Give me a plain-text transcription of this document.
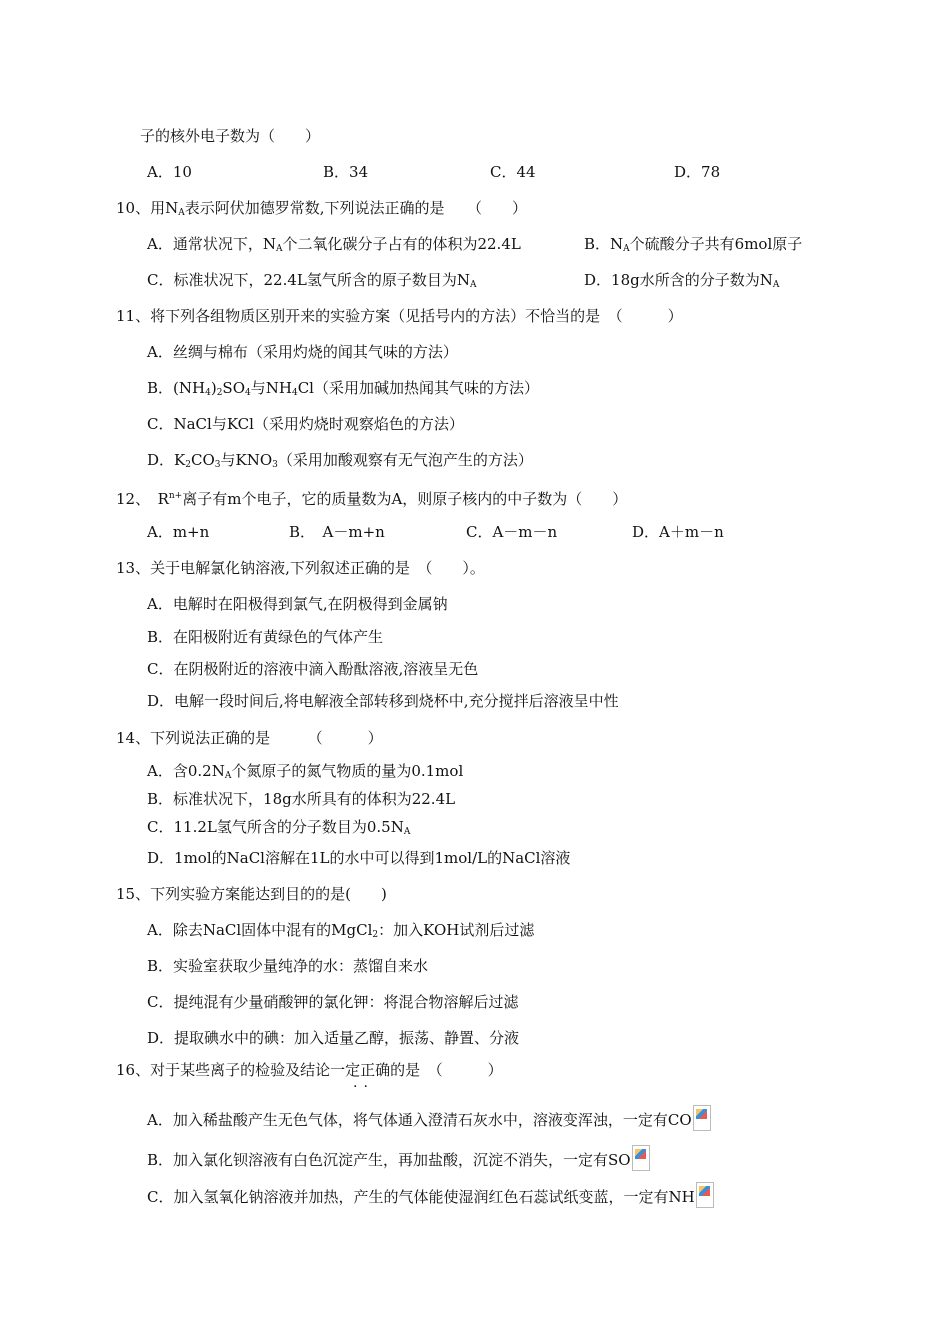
子的核外电子数为（　　）
A．10	B．34	C．44	D．78
10、用$N_A$表示阿伏加德罗常数,下列说法正确的是　　（　　）
A．通常状况下，$N_A$个二氧化碳分子占有的体积为22.4L	B．$N_A$个硫酸分子共有6mol原子
C．标准状况下，22.4L氢气所含的原子数目为$N_A$	D．18g水所含的分子数为$N_A$
11、将下列各组物质区别开来的实验方案（见括号内的方法）不恰当的是　（　　　）
A．丝绸与棉布（采用灼烧的闻其气味的方法）
B．$(NH_4)_2SO_4$与$NH_4Cl$（采用加碱加热闻其气味的方法）
C．NaCl与KCl（采用灼烧时观察焰色的方法）
D．$K_2CO_3$与$KNO_3$（采用加酸观察有无气泡产生的方法）
12、　$R^{n+}$离子有m个电子，它的质量数为A，则原子核内的中子数为（　　）
A．m+n	B．　A－m+n	C．A－m－n	D．A＋m－n
13、关于电解氯化钠溶液,下列叙述正确的是　（　　）。
A．电解时在阳极得到氯气,在阴极得到金属钠
B．在阳极附近有黄绿色的气体产生
C．在阴极附近的溶液中滴入酚酞溶液,溶液呈无色
D．电解一段时间后,将电解液全部转移到烧杯中,充分搅拌后溶液呈中性
14、下列说法正确的是　　　（　　　）
A．含$0.2N_A$个氮原子的氮气物质的量为0.1mol
B．标准状况下，18g水所具有的体积为22.4L
C．11.2L氢气所含的分子数目为$0.5N_A$
D．1mol的NaCl溶解在1L的水中可以得到1mol/L的NaCl溶液
15、下列实验方案能达到目的的是(　　)
A．除去NaCl固体中混有的MgCl$_2$：加入KOH试剂后过滤
B．实验室获取少量纯净的水：蒸馏自来水
C．提纯混有少量硝酸钾的氯化钾：将混合物溶解后过滤
D．提取碘水中的碘：加入适量乙醇，振荡、静置、分液
16、对于某些离子的检验及结论一定正确的是　（　　　）
..
A．加入稀盐酸产生无色气体，将气体通入澄清石灰水中，溶液变浑浊，一定有CO
B．加入氯化钡溶液有白色沉淀产生，再加盐酸，沉淀不消失，一定有SO
C．加入氢氧化钠溶液并加热，产生的气体能使湿润红色石蕊试纸变蓝，一定有NH
